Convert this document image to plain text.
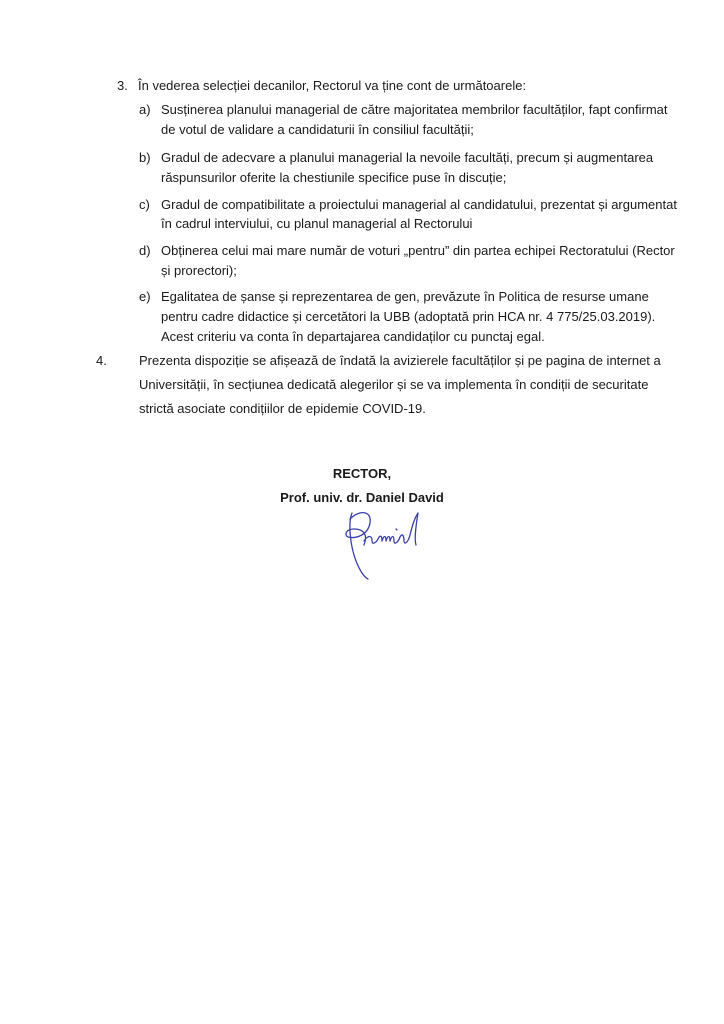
3. În vederea selecției decanilor, Rectorul va ține cont de următoarele:
a) Susținerea planului managerial de către majoritatea membrilor facultăților, fapt confirmat
de votul de validare a candidaturii în consiliul facultății;
b) Gradul de adecvare a planului managerial la nevoile facultăți, precum și augmentarea
răspunsurilor oferite la chestiunile specifice puse în discuție;
c) Gradul de compatibilitate a proiectului managerial al candidatului, prezentat și argumentat
în cadrul interviului, cu planul managerial al Rectorului
d) Obținerea celui mai mare număr de voturi „pentru” din partea echipei Rectoratului (Rector
și prorectori);
e) Egalitatea de șanse și reprezentarea de gen, prevăzute în Politica de resurse umane
pentru cadre didactice și cercetători la UBB (adoptată prin HCA nr. 4 775/25.03.2019).
Acest criteriu va conta în departajarea candidaților cu punctaj egal.
4. Prezenta dispoziție se afișează de îndată la avizierele facultăților și pe pagina de internet a
Universității, în secțiunea dedicată alegerilor și se va implementa în condiții de securitate
strictă asociate condițiilor de epidemie COVID-19.
RECTOR,
Prof. univ. dr. Daniel David
